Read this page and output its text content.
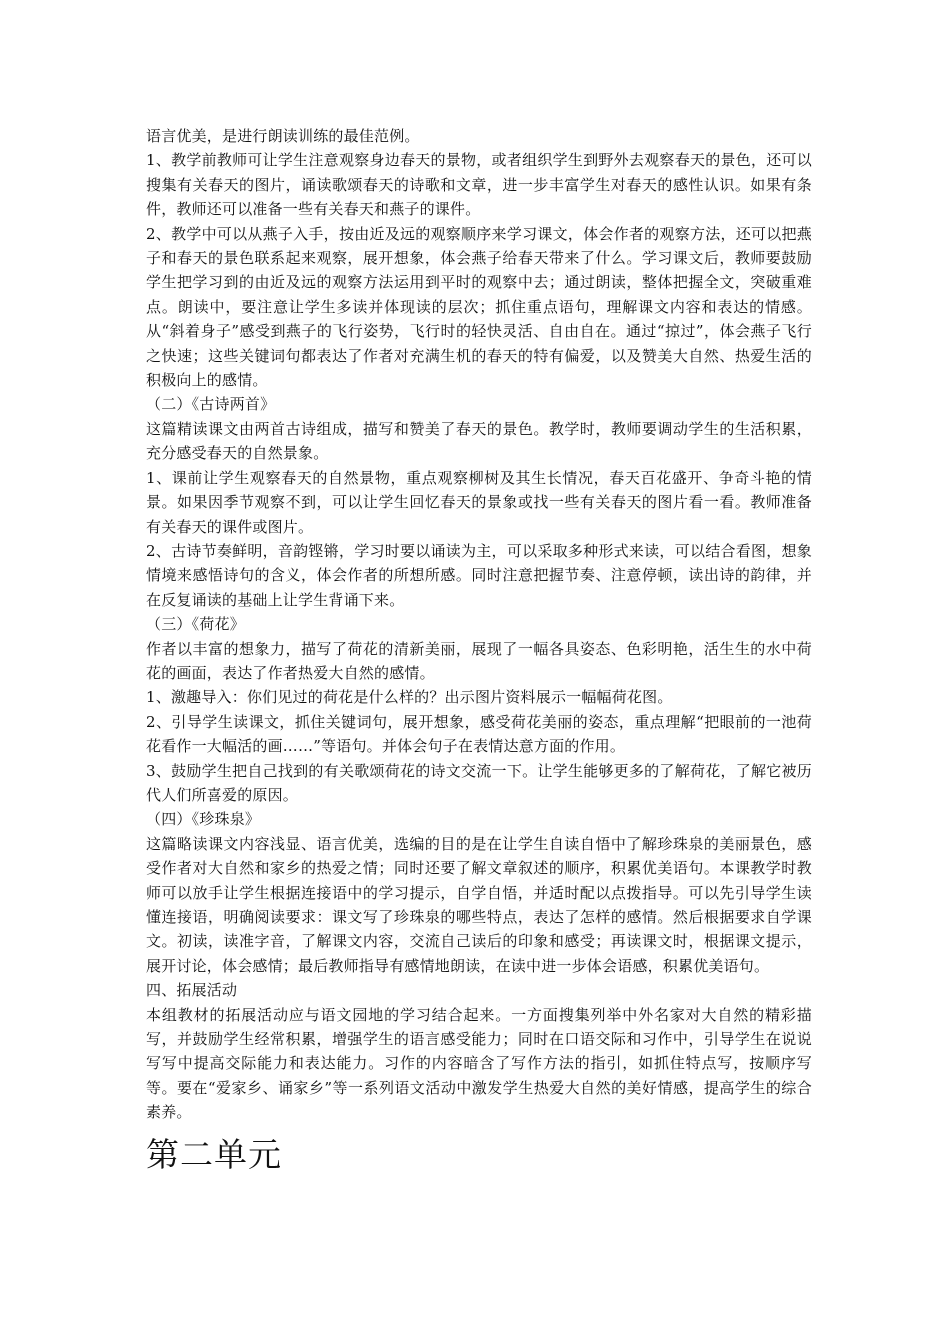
语言优美，是进行朗读训练的最佳范例。

1、教学前教师可让学生注意观察身边春天的景物，或者组织学生到野外去观察春天的景色，还可以搜集有关春天的图片，诵读歌颂春天的诗歌和文章，进一步丰富学生对春天的感性认识。如果有条件，教师还可以准备一些有关春天和燕子的课件。

2、教学中可以从燕子入手，按由近及远的观察顺序来学习课文，体会作者的观察方法，还可以把燕子和春天的景色联系起来观察，展开想象，体会燕子给春天带来了什么。学习课文后，教师要鼓励学生把学习到的由近及远的观察方法运用到平时的观察中去；通过朗读，整体把握全文，突破重难点。朗读中，要注意让学生多读并体现读的层次；抓住重点语句，理解课文内容和表达的情感。从“斜着身子”感受到燕子的飞行姿势，飞行时的轻快灵活、自由自在。通过“掠过”，体会燕子飞行之快速；这些关键词句都表达了作者对充满生机的春天的特有偏爱，以及赞美大自然、热爱生活的积极向上的感情。

（二）《古诗两首》

这篇精读课文由两首古诗组成，描写和赞美了春天的景色。教学时，教师要调动学生的生活积累，充分感受春天的自然景象。

1、课前让学生观察春天的自然景物，重点观察柳树及其生长情况，春天百花盛开、争奇斗艳的情景。如果因季节观察不到，可以让学生回忆春天的景象或找一些有关春天的图片看一看。教师准备有关春天的课件或图片。

2、古诗节奏鲜明，音韵铿锵，学习时要以诵读为主，可以采取多种形式来读，可以结合看图，想象情境来感悟诗句的含义，体会作者的所想所感。同时注意把握节奏、注意停顿，读出诗的韵律，并在反复诵读的基础上让学生背诵下来。

（三）《荷花》

作者以丰富的想象力，描写了荷花的清新美丽，展现了一幅各具姿态、色彩明艳，活生生的水中荷花的画面，表达了作者热爱大自然的感情。

1、激趣导入：你们见过的荷花是什么样的？出示图片资料展示一幅幅荷花图。

2、引导学生读课文，抓住关键词句，展开想象，感受荷花美丽的姿态，重点理解“把眼前的一池荷花看作一大幅活的画……”等语句。并体会句子在表情达意方面的作用。

3、鼓励学生把自己找到的有关歌颂荷花的诗文交流一下。让学生能够更多的了解荷花，了解它被历代人们所喜爱的原因。

（四）《珍珠泉》

这篇略读课文内容浅显、语言优美，选编的目的是在让学生自读自悟中了解珍珠泉的美丽景色，感受作者对大自然和家乡的热爱之情；同时还要了解文章叙述的顺序，积累优美语句。本课教学时教师可以放手让学生根据连接语中的学习提示，自学自悟，并适时配以点拨指导。可以先引导学生读懂连接语，明确阅读要求：课文写了珍珠泉的哪些特点，表达了怎样的感情。然后根据要求自学课文。初读，读准字音，了解课文内容，交流自己读后的印象和感受；再读课文时，根据课文提示，展开讨论，体会感情；最后教师指导有感情地朗读，在读中进一步体会语感，积累优美语句。

四、拓展活动

本组教材的拓展活动应与语文园地的学习结合起来。一方面搜集列举中外名家对大自然的精彩描写，并鼓励学生经常积累，增强学生的语言感受能力；同时在口语交际和习作中，引导学生在说说写写中提高交际能力和表达能力。习作的内容暗含了写作方法的指引，如抓住特点写，按顺序写等。要在“爱家乡、诵家乡”等一系列语文活动中激发学生热爱大自然的美好情感，提高学生的综合素养。

第二单元
